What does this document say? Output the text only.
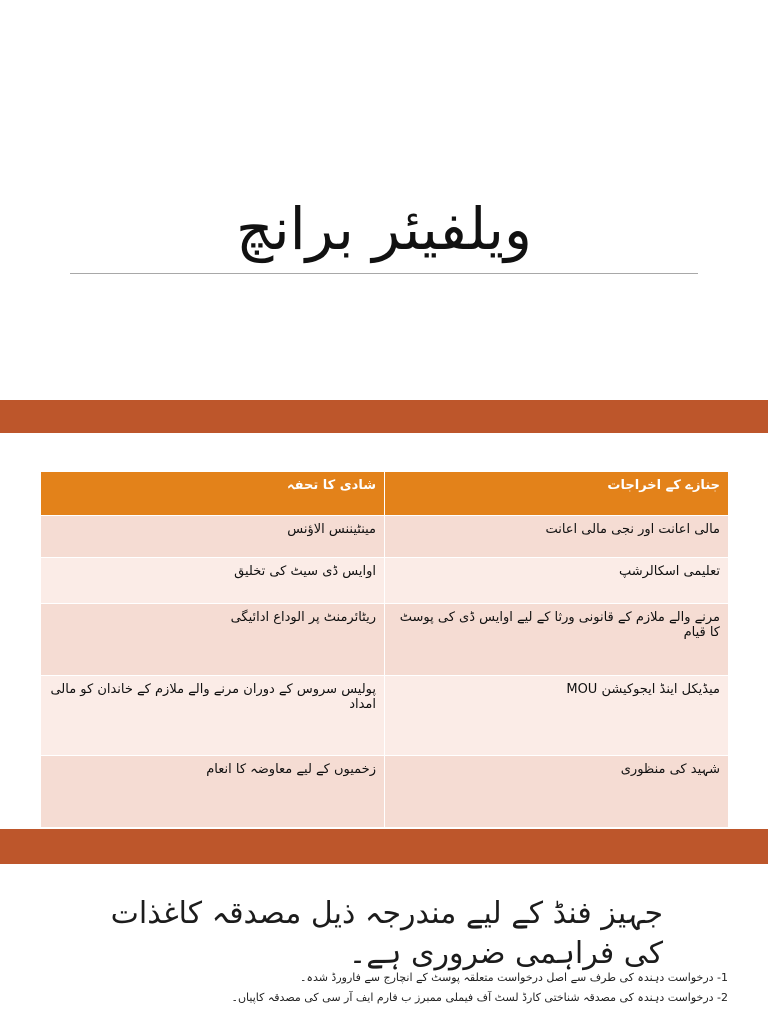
ویلفیئر برانچ
شادی کا تحفہ	جنازے کے اخراجات
مینٹیننس الاؤنس	مالی اعانت اور نجی مالی اعانت
اوایس ڈی سیٹ کی تخلیق	تعلیمی اسکالرشپ
ریٹائرمنٹ پر الوداع ادائیگی	مرنے والے ملازم کے قانونی ورثا کے لیے اوایس ڈی کی پوسٹ کا قیام
پولیس سروس کے دوران مرنے والے ملازم کے خاندان کو مالی امداد	میڈیکل اینڈ ایجوکیشن MOU
زخمیوں کے لیے معاوضہ کا انعام	شہید کی منظوری
جہیز فنڈ کے لیے مندرجہ ذیل مصدقہ کاغذات کی فراہمی ضروری ہے۔
1- درخواست دہندہ کی طرف سے اصل درخواست متعلقہ پوسٹ کے انچارج سے فارورڈ شدہ۔
2- درخواست دہندہ کی مصدقہ شناختی کارڈ لسٹ آف فیملی ممبرز ب فارم ایف آر سی کی مصدقہ کاپیاں۔
